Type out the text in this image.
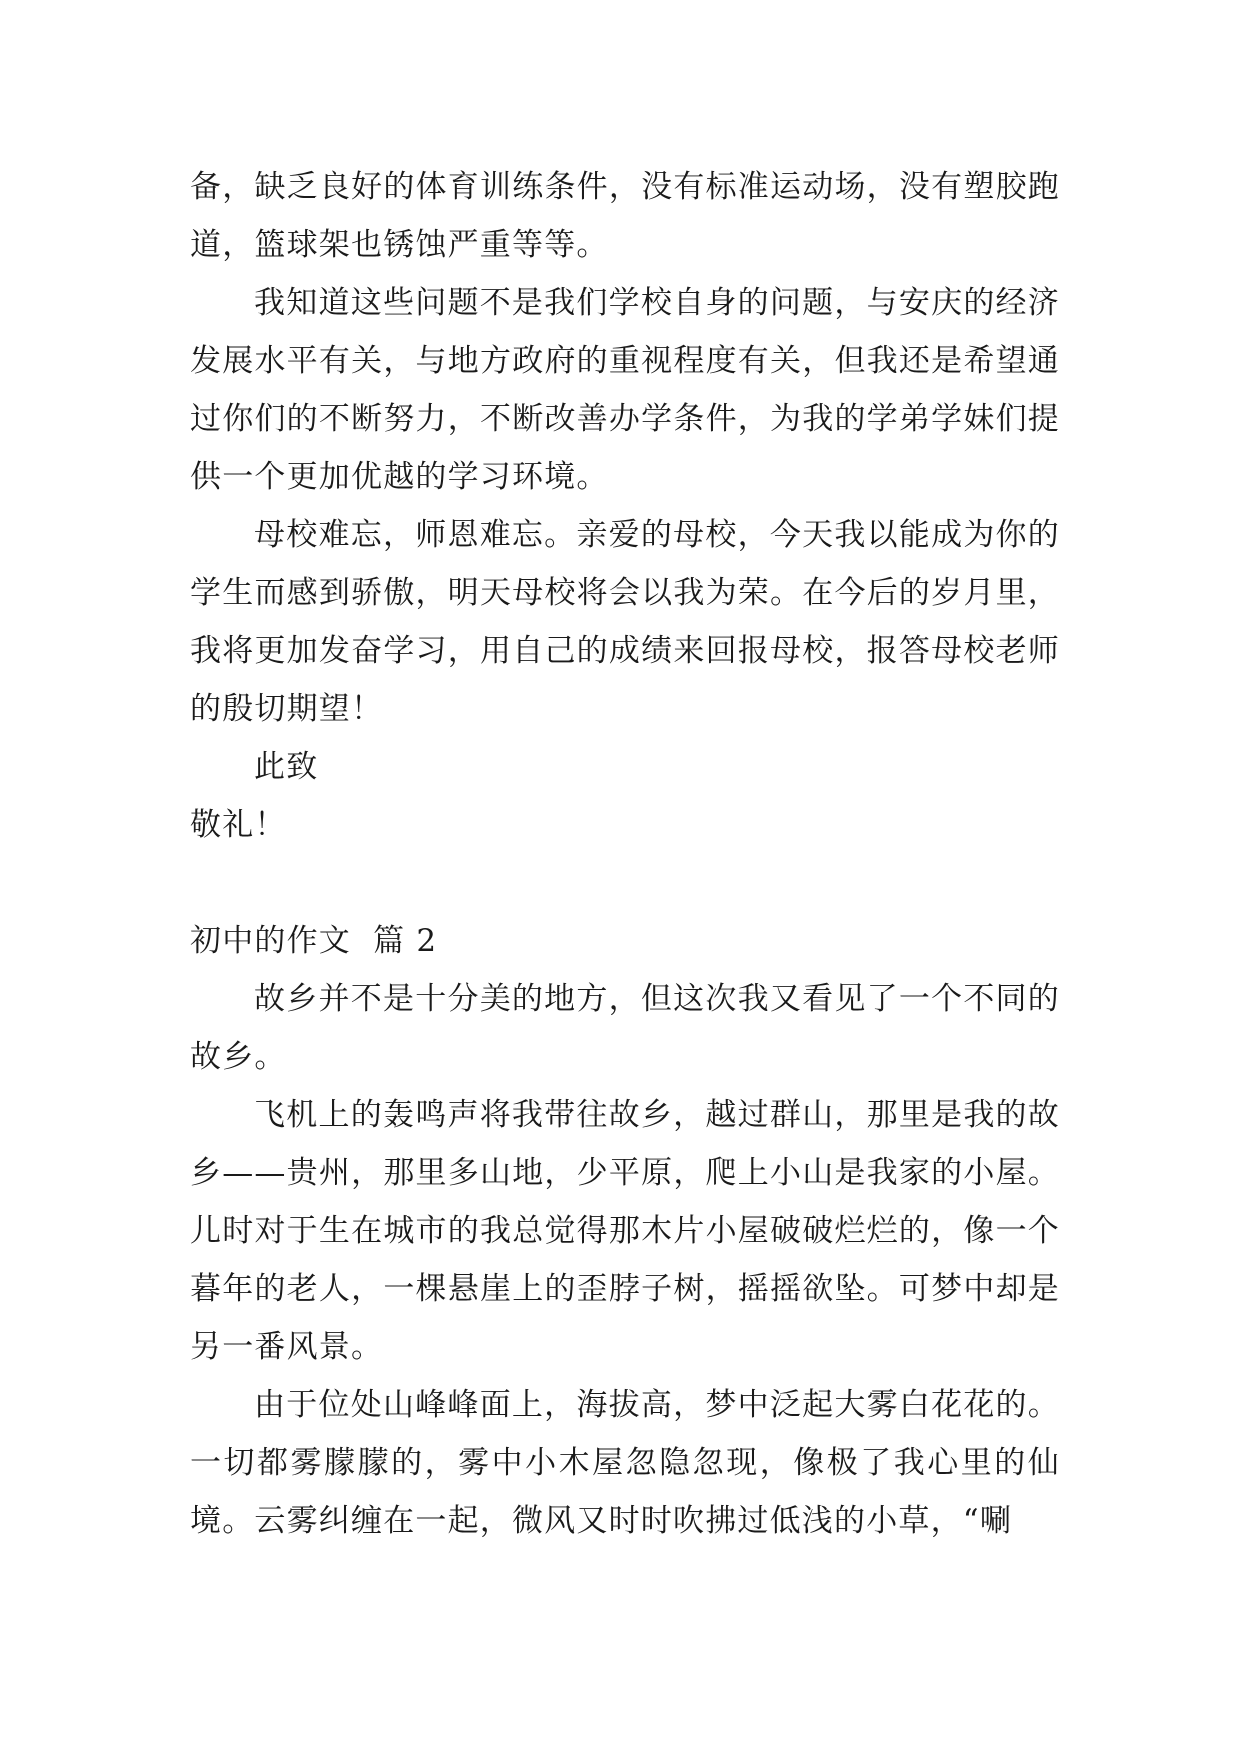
备，缺乏良好的体育训练条件，没有标准运动场，没有塑胶跑道，篮球架也锈蚀严重等等。

我知道这些问题不是我们学校自身的问题，与安庆的经济发展水平有关，与地方政府的重视程度有关，但我还是希望通过你们的不断努力，不断改善办学条件，为我的学弟学妹们提供一个更加优越的学习环境。

母校难忘，师恩难忘。亲爱的母校，今天我以能成为你的学生而感到骄傲，明天母校将会以我为荣。在今后的岁月里，我将更加发奋学习，用自己的成绩来回报母校，报答母校老师的殷切期望！

此致

敬礼！

初中的作文  篇 2

故乡并不是十分美的地方，但这次我又看见了一个不同的故乡。

飞机上的轰鸣声将我带往故乡，越过群山，那里是我的故乡——贵州，那里多山地，少平原，爬上小山是我家的小屋。儿时对于生在城市的我总觉得那木片小屋破破烂烂的，像一个暮年的老人，一棵悬崖上的歪脖子树，摇摇欲坠。可梦中却是另一番风景。

由于位处山峰峰面上，海拔高，梦中泛起大雾白花花的。一切都雾朦朦的，雾中小木屋忽隐忽现，像极了我心里的仙境。云雾纠缠在一起，微风又时时吹拂过低浅的小草，“唰
